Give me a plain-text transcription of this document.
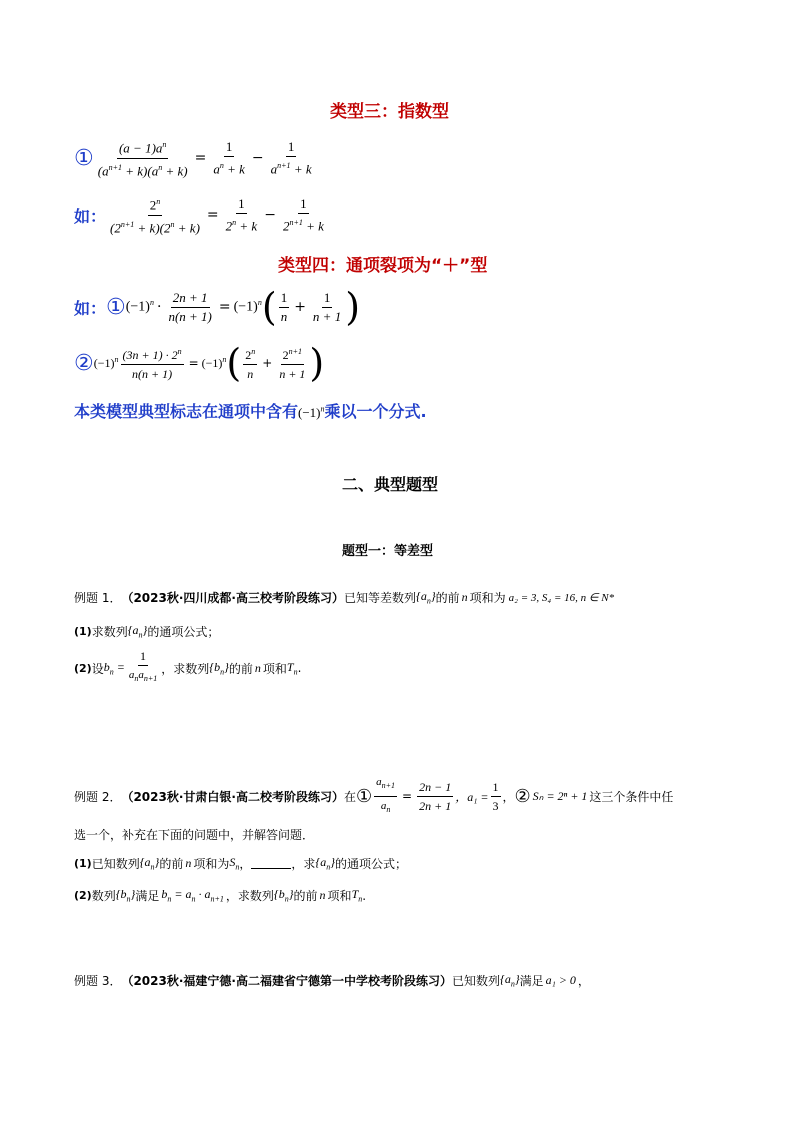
类型三：指数型
① $\frac{(a - 1)a^n}{(a^{n+1} + k)(a^n + k)} = \frac{1}{a^n + k} - \frac{1}{a^{n+1} + k}$
如： $\frac{2^n}{(2^{n+1} + k)(2^n + k)} = \frac{1}{2^n + k} - \frac{1}{2^{n+1} + k}$
类型四：通项裂项为“＋”型
如： ① $(-1)^n \cdot \frac{2n + 1}{n(n + 1)} = (-1)^n$ ( $\frac{1}{n} + \frac{1}{n + 1}$ )
② $(-1)^n \frac{(3n + 1) \cdot 2^n}{n(n + 1)} = (-1)^n$ ( $\frac{2^n}{n} + \frac{2^{n+1}}{n + 1}$ )
本类模型典型标志在通项中含有$(-1)^n$乘以一个分式.
二、典型题型
题型一：等差型
例题 1． （2023秋·四川成都·高三校考阶段练习） 已知等差数列 $\{a_n\}$ 的前 n 项和为 a₂ = 3, S₄ = 16, n ∈ N*
(1) 求数列 $\{a_n\}$ 的通项公式；
(2) 设 $b_n = \frac{1}{a_na_{n+1}}$ ，求数列 $\{b_n\}$ 的前 n 项和 $T_n$ .
例题 2． （2023秋·甘肃白银·高二校考阶段练习） 在 ① $\frac{a_{n+1}}{a_n} = \frac{2n - 1}{2n + 1}$ ，$a_1 = \frac{1}{3}$ ， ② Sₙ = 2ⁿ + 1 这三个条件中任
选一个，补充在下面的问题中，并解答问题．
(1) 已知数列 $\{a_n\}$ 的前 n 项和为 $S_n$ ，	，求 $\{a_n\}$ 的通项公式；
(2) 数列 $\{b_n\}$ 满足 $b_n = a_n \cdot a_{n+1}$ ，求数列 $\{b_n\}$ 的前 n 项和 $T_n$ .
例题 3． （2023秋·福建宁德·高二福建省宁德第一中学校考阶段练习） 已知数列 $\{a_n\}$ 满足 a₁ > 0 ，
